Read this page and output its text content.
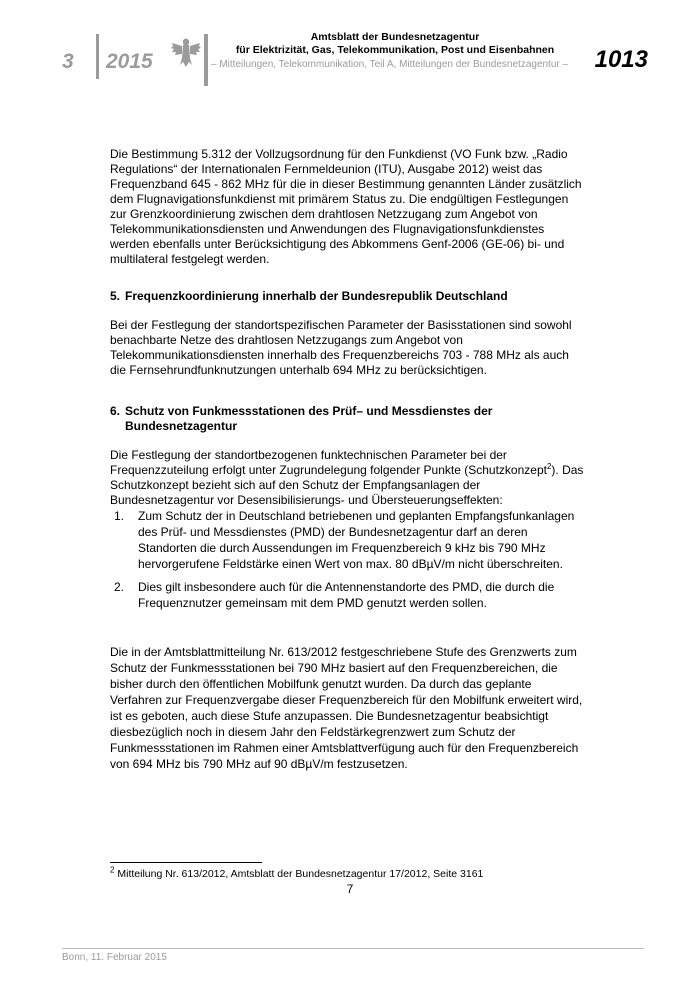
3 2015
Amtsblatt der Bundesnetzagentur
für Elektrizität, Gas, Telekommunikation, Post und Eisenbahnen
– Mitteilungen, Telekommunikation, Teil A, Mitteilungen der Bundesnetzagentur –	1013

Die Bestimmung 5.312 der Vollzugsordnung für den Funkdienst (VO Funk bzw. „Radio Regulations“ der Internationalen Fernmeldeunion (ITU), Ausgabe 2012) weist das Frequenzband 645 - 862 MHz für die in dieser Bestimmung genannten Länder zusätzlich dem Flugnavigationsfunkdienst mit primärem Status zu. Die endgültigen Festlegungen zur Grenzkoordinierung zwischen dem drahtlosen Netzzugang zum Angebot von Telekommunikationsdiensten und Anwendungen des Flugnavigationsfunkdienstes werden ebenfalls unter Berücksichtigung des Abkommens Genf-2006 (GE-06) bi- und multilateral festgelegt werden.

5. Frequenzkoordinierung innerhalb der Bundesrepublik Deutschland

Bei der Festlegung der standortspezifischen Parameter der Basisstationen sind sowohl benachbarte Netze des drahtlosen Netzzugangs zum Angebot von Telekommunikationsdiensten innerhalb des Frequenzbereichs 703 - 788 MHz als auch die Fernsehrundfunknutzungen unterhalb 694 MHz zu berücksichtigen.

6. Schutz von Funkmessstationen des Prüf– und Messdienstes der Bundesnetzagentur

Die Festlegung der standortbezogenen funktechnischen Parameter bei der Frequenzzuteilung erfolgt unter Zugrundelegung folgender Punkte (Schutzkonzept$^2$). Das Schutzkonzept bezieht sich auf den Schutz der Empfangsanlagen der Bundesnetzagentur vor Desensibilisierungs- und Übersteuerungseffekten:

1.	Zum Schutz der in Deutschland betriebenen und geplanten Empfangsfunkanlagen des Prüf- und Messdienstes (PMD) der Bundesnetzagentur darf an deren Standorten die durch Aussendungen im Frequenzbereich 9 kHz bis 790 MHz hervorgerufene Feldstärke einen Wert von max. 80 dBµV/m nicht überschreiten.
2.	Dies gilt insbesondere auch für die Antennenstandorte des PMD, die durch die Frequenznutzer gemeinsam mit dem PMD genutzt werden sollen.

Die in der Amtsblattmitteilung Nr. 613/2012 festgeschriebene Stufe des Grenzwerts zum Schutz der Funkmessstationen bei 790 MHz basiert auf den Frequenzbereichen, die bisher durch den öffentlichen Mobilfunk genutzt wurden. Da durch das geplante Verfahren zur Frequenzvergabe dieser Frequenzbereich für den Mobilfunk erweitert wird, ist es geboten, auch diese Stufe anzupassen. Die Bundesnetzagentur beabsichtigt diesbezüglich noch in diesem Jahr den Feldstärkegrenzwert zum Schutz der Funkmessstationen im Rahmen einer Amtsblattverfügung auch für den Frequenzbereich von 694 MHz bis 790 MHz auf 90 dBµV/m festzusetzen.

$^2$ Mitteilung Nr. 613/2012, Amtsblatt der Bundesnetzagentur 17/2012, Seite 3161
7
Bonn, 11. Februar 2015
